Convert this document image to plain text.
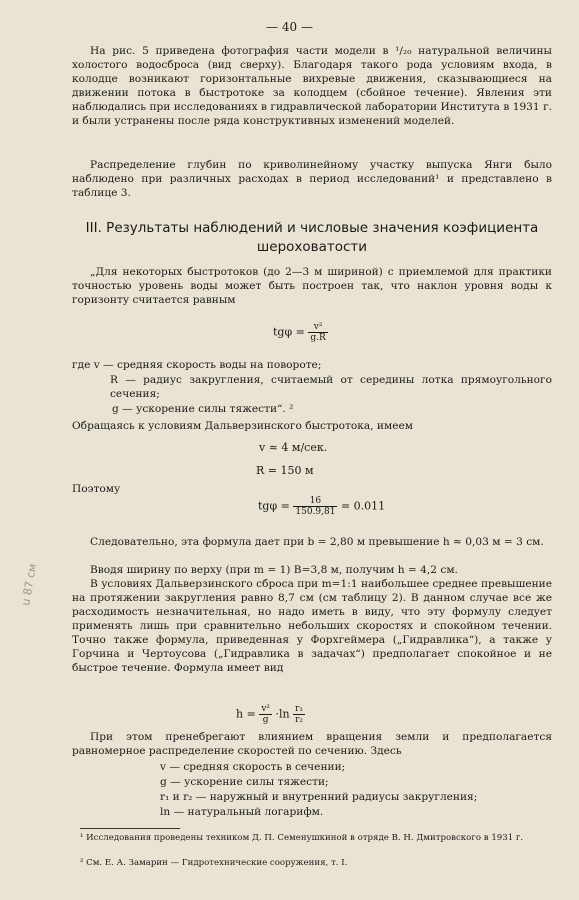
— 40 —
На рис. 5 приведена фотография части модели в ¹/₂₀ натуральной величины холостого водосброса (вид сверху). Благодаря такого рода условиям входа, в колодце возникают горизонтальные вихревые движения, сказывающиеся на движении потока в быстротоке за колодцем (сбойное течение). Явления эти наблюдались при исследованиях в гидравлической лаборатории Института в 1931 г. и были устранены после ряда конструктивных изменений моделей.
Распределение глубин по криволинейному участку выпуска Янги было наблюдено при различных расходах в период исследований¹ и представлено в таблице 3.
III. Результаты наблюдений и числовые значения коэфициента шероховатости
„Для некоторых быстротоков (до 2—3 м шириной) с приемлемой для практики точностью уровень воды может быть построен так, что наклон уровня воды к горизонту считается равным
$tg\varphi = \frac{\text{v²}}{g.R}$
где v — средняя скорость воды на повороте;
R — радиус закругления, считаемый от середины лотка прямоугольного сечения;
g — ускорение силы тяжести“. ²
Обращаясь к условиям Дальверзинского быстротока, имеем
v ≈ 4 м/сек.
R = 150 м
Поэтому
$tg\varphi = \frac{16}{150.9,81} = 0.011$
Следовательно, эта формула дает при b = 2,80 м превышение h ≈ 0,03 м = 3 см.
Вводя ширину по верху (при m = 1) B=3,8 м, получим h = 4,2 см.
В условиях Дальверзинского сброса при m=1:1 наибольшее среднее превышение на протяжении закругления равно 8,7 см (см таблицу 2). В данном случае все же расходимость незначительная, но надо иметь в виду, что эту формулу следует применять лишь при сравнительно небольших скоростях и спокойном течении. Точно также формула, приведенная у Форхгеймера („Гидравлика“), а также у Горчина и Чертоусова („Гидравлика в задачах“) предполагает спокойное и не быстрое течение. Формула имеет вид
$h = \frac{\text{v²}}{g} \cdot\ln \frac{\text{r₁}}{\text{r₂}}$
При этом пренебрегают влиянием вращения земли и предполагается равномерное распределение скоростей по сечению. Здесь
v — средняя скорость в сечении;
g — ускорение силы тяжести;
r₁ и r₂ — наружный и внутренний радиусы закругления;
ln — натуральный логарифм.
¹ Исследования проведены техником Д. П. Семенушкиной в отряде В. Н. Дмитровского в 1931 г.
² См. Е. А. Замарин — Гидротехнические сооружения, т. I.
u 87 см
